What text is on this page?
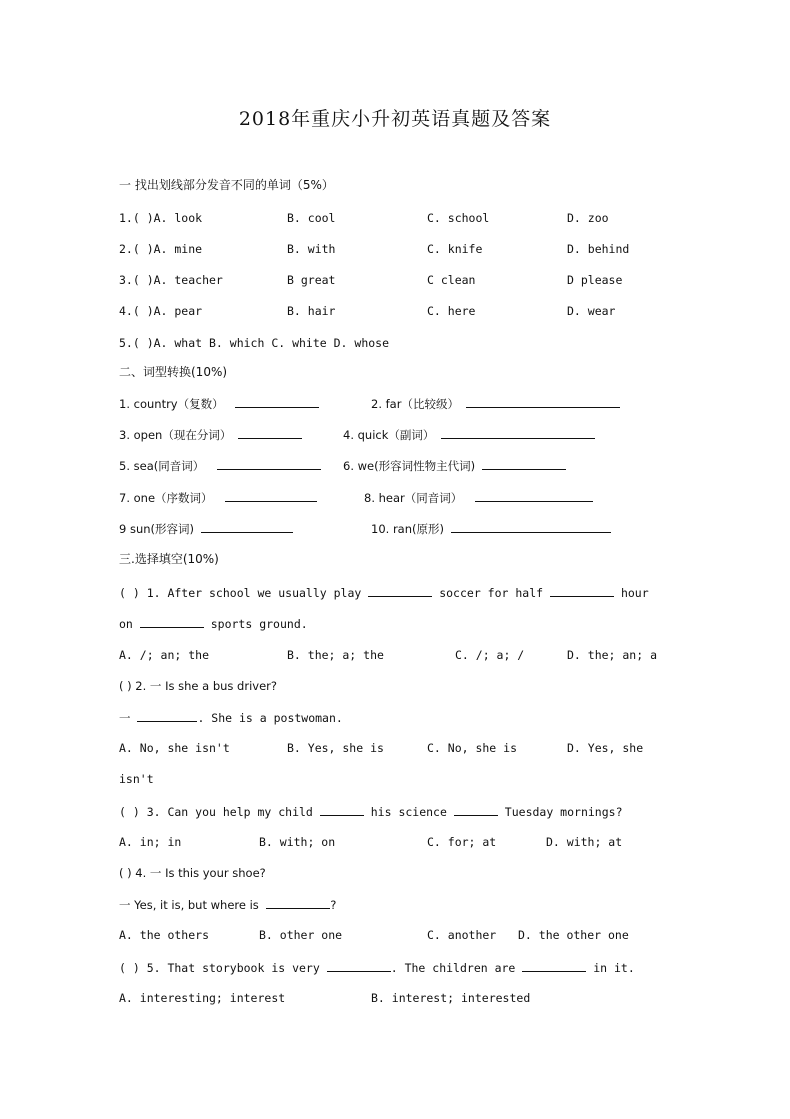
2018年重庆小升初英语真题及答案
一 找出划线部分发音不同的单词（5%）
1.( )A. look	B. cool	C. school	D. zoo
2.( )A. mine	B. with	C. knife	D. behind
3.( )A. teacher	B great	C clean	D please
4.( )A. pear	B. hair	C. here	D. wear
5.( )A. what B. which C. white D. whose
二、词型转换(10%)
1. country（复数）	2. far（比较级）
3. open（现在分词）	4. quick（副词）
5. sea(同音词）	6. we(形容词性物主代词)
7. one（序数词）	8. hear（同音词）
9 sun(形容词)	10. ran(原形)
三.选择填空(10%)
( ) 1. After school we usually play	soccer for half	hour
on	sports ground.
A. /; an; the	B. the; a; the	C. /; a; /	D. the; an; a
( ) 2. 一 Is she a bus driver?
一	. She is a postwoman.
A. No, she isn't	B. Yes, she is	C. No, she is	D. Yes, she
isn't
( ) 3. Can you help my child	his science	Tuesday mornings?
A. in; in	B. with; on	C. for; at	D. with; at
( ) 4. 一 Is this your shoe?
一 Yes, it is, but where is	?
A. the others	B. other one	C. another D. the other one
( ) 5. That storybook is very	. The children are	in it.
A. interesting; interest	B. interest; interested
